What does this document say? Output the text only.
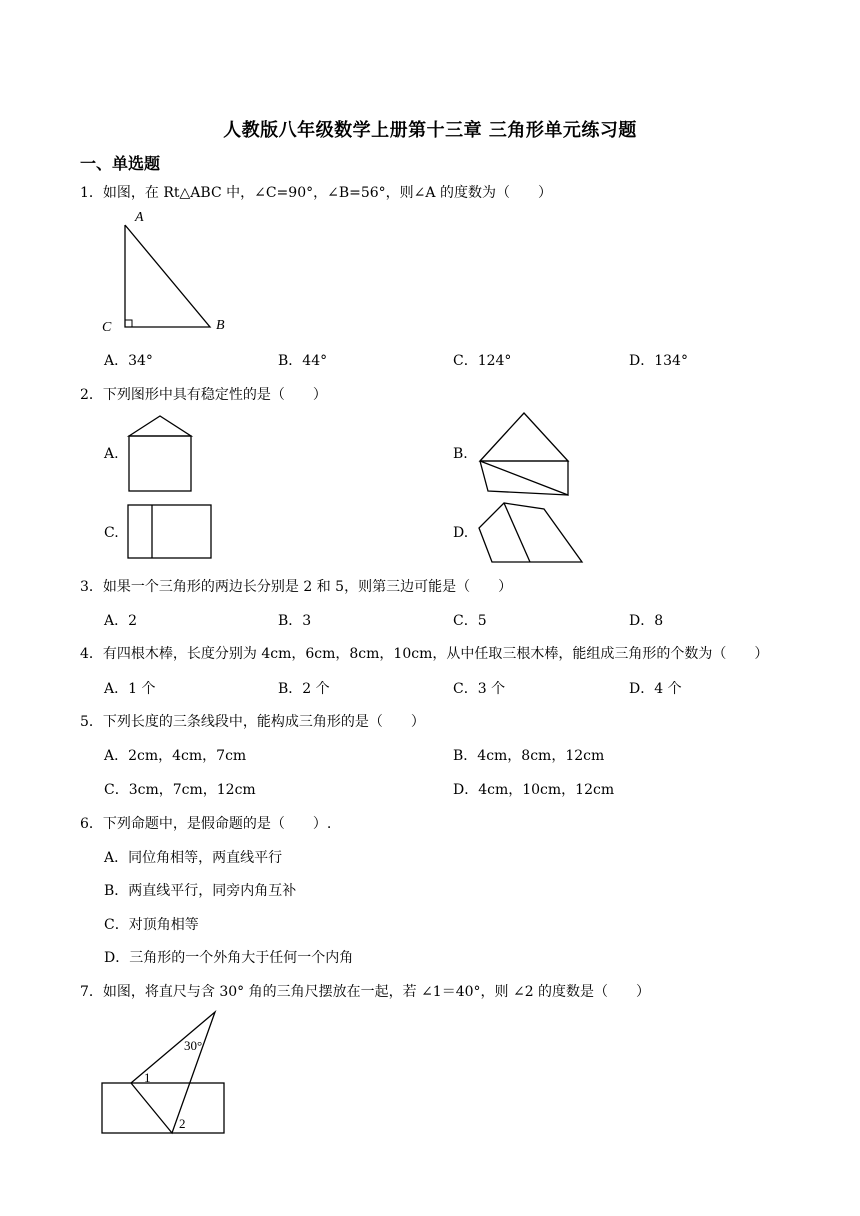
人教版八年级数学上册第十三章 三角形单元练习题
一、单选题
1．如图，在 Rt△ABC 中，∠C=90°，∠B=56°，则∠A 的度数为（　　）
A
C	B
A．34°	B．44°	C．124°	D．134°
2．下列图形中具有稳定性的是（　　）
A.	B.
C.	D.
3．如果一个三角形的两边长分别是 2 和 5，则第三边可能是（　　）
A．2	B．3	C．5	D．8
4．有四根木棒，长度分别为 4cm，6cm，8cm，10cm，从中任取三根木棒，能组成三角形的个数为（　　）
A．1 个	B．2 个	C．3 个	D．4 个
5．下列长度的三条线段中，能构成三角形的是（　　）
A．2cm，4cm，7cm	B．4cm，8cm，12cm
C．3cm，7cm，12cm	D．4cm，10cm，12cm
6．下列命题中，是假命题的是（　　）.
A．同位角相等，两直线平行
B．两直线平行，同旁内角互补
C．对顶角相等
D．三角形的一个外角大于任何一个内角
7．如图，将直尺与含 30° 角的三角尺摆放在一起，若 ∠1＝40°，则 ∠2 的度数是（　　）
30°
1
2
